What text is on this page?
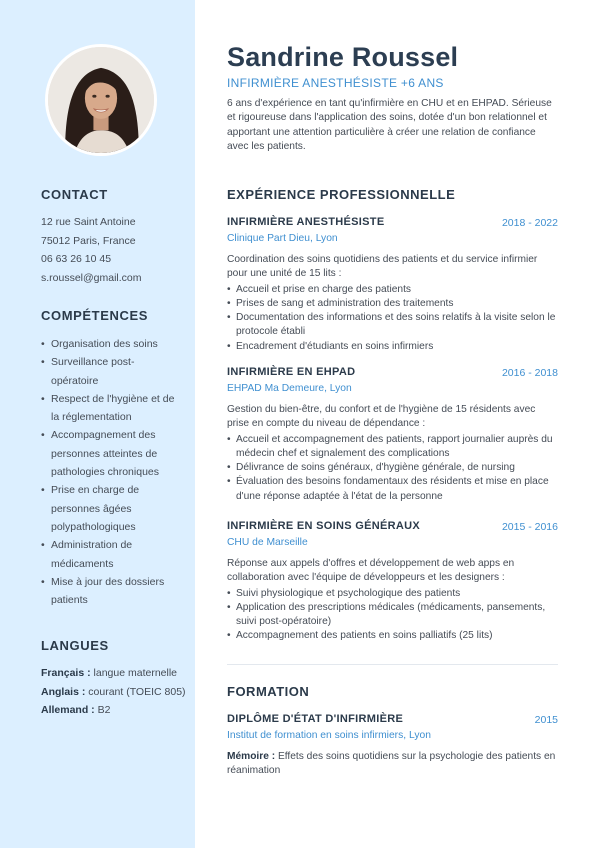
CONTACT
12 rue Saint Antoine
75012 Paris, France
06 63 26 10 45
s.roussel@gmail.com
COMPÉTENCES
• Organisation des soins
• Surveillance post-opératoire
• Respect de l'hygiène et de la réglementation
• Accompagnement des personnes atteintes de pathologies chroniques
• Prise en charge de personnes âgées polypathologiques
• Administration de médicaments
• Mise à jour des dossiers patients
LANGUES
Français : langue maternelle
Anglais : courant (TOEIC 805)
Allemand : B2
Sandrine Roussel
INFIRMIÈRE ANESTHÉSISTE +6 ANS
6 ans d'expérience en tant qu'infirmière en CHU et en EHPAD. Sérieuse et rigoureuse dans l'application des soins, dotée d'un bon relationnel et apportant une attention particulière à créer une relation de confiance avec les patients.
EXPÉRIENCE PROFESSIONNELLE
INFIRMIÈRE ANESTHÉSISTE	2018 - 2022
Clinique Part Dieu, Lyon
Coordination des soins quotidiens des patients et du service infirmier pour une unité de 15 lits :
• Accueil et prise en charge des patients
• Prises de sang et administration des traitements
• Documentation des informations et des soins relatifs à la visite selon le protocole établi
• Encadrement d'étudiants en soins infirmiers
INFIRMIÈRE EN EHPAD	2016 - 2018
EHPAD Ma Demeure, Lyon
Gestion du bien-être, du confort et de l'hygiène de 15 résidents avec prise en compte du niveau de dépendance :
• Accueil et accompagnement des patients, rapport journalier auprès du médecin chef et signalement des complications
• Délivrance de soins généraux, d'hygiène générale, de nursing
• Évaluation des besoins fondamentaux des résidents et mise en place d'une réponse adaptée à l'état de la personne
INFIRMIÈRE EN SOINS GÉNÉRAUX	2015 - 2016
CHU de Marseille
Réponse aux appels d'offres et développement de web apps en collaboration avec l'équipe de développeurs et les designers :
• Suivi physiologique et psychologique des patients
• Application des prescriptions médicales (médicaments, pansements, suivi post-opératoire)
• Accompagnement des patients en soins palliatifs (25 lits)
FORMATION
DIPLÔME D'ÉTAT D'INFIRMIÈRE	2015
Institut de formation en soins infirmiers, Lyon
Mémoire : Effets des soins quotidiens sur la psychologie des patients en réanimation
